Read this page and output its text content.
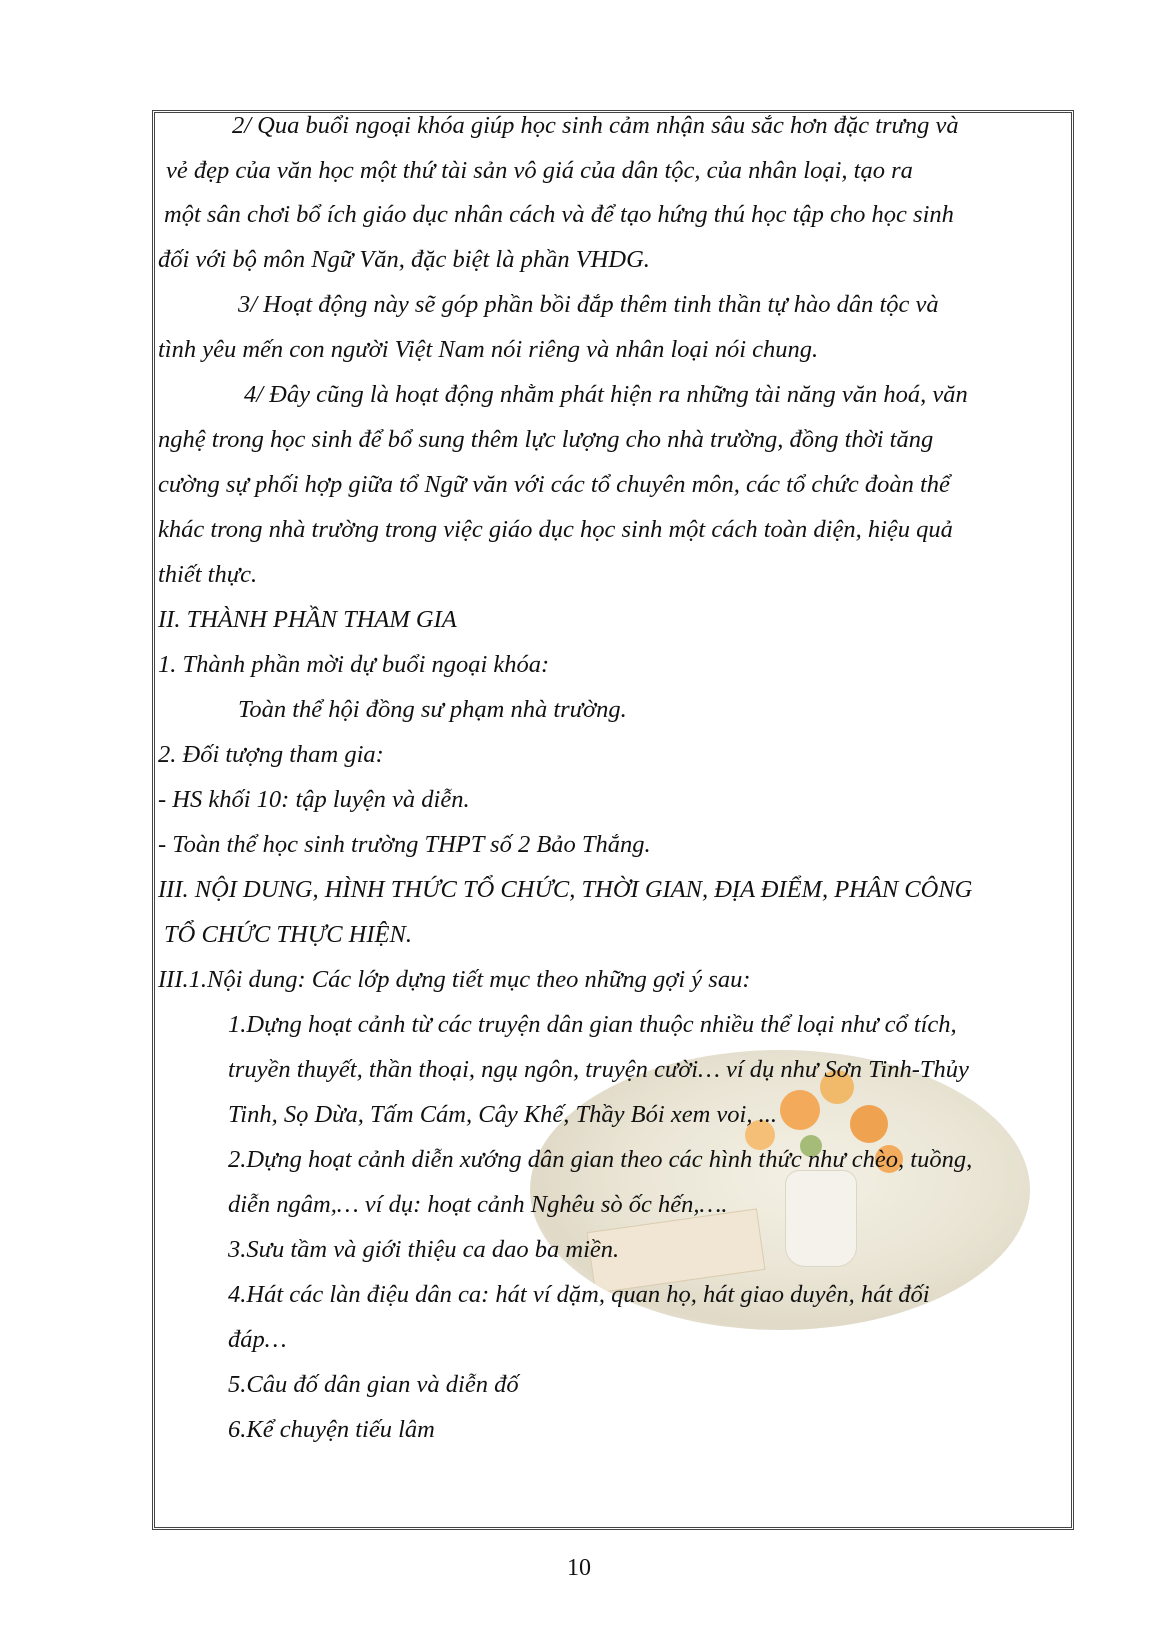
2/ Qua buổi ngoại khóa giúp học sinh cảm nhận sâu sắc hơn đặc trưng và
vẻ đẹp của văn học một thứ tài sản vô giá của dân tộc, của nhân loại, tạo ra
một sân chơi bổ ích giáo dục nhân cách và để tạo hứng thú học tập cho học sinh
đối với bộ môn Ngữ Văn, đặc biệt là phần VHDG.
3/ Hoạt động này sẽ góp phần bồi đắp thêm tinh thần tự hào dân tộc và
tình yêu mến con người Việt Nam nói riêng và nhân loại nói chung.
4/ Đây cũng là hoạt động nhằm phát hiện ra những tài năng văn hoá, văn
nghệ trong học sinh để bổ sung thêm lực lượng cho nhà trường, đồng thời tăng
cường sự phối hợp giữa tổ Ngữ văn với các tổ chuyên môn, các tổ chức đoàn thể
khác trong nhà trường trong việc giáo dục học sinh một cách toàn diện, hiệu quả
thiết thực.
II. THÀNH PHẦN THAM GIA
1. Thành phần mời dự buổi ngoại khóa:
Toàn thể hội đồng sư phạm nhà trường.
2. Đối tượng tham gia:
- HS khối 10: tập luyện và diễn.
- Toàn thể học sinh trường THPT số 2 Bảo Thắng.
III. NỘI DUNG, HÌNH THỨC TỔ CHỨC, THỜI GIAN, ĐỊA ĐIỂM, PHÂN CÔNG
TỔ CHỨC THỰC HIỆN.
III.1.Nội dung: Các lớp dựng tiết mục theo những gợi ý sau:
1.Dựng hoạt cảnh từ các truyện dân gian thuộc nhiều thể loại như cổ tích,
truyền thuyết, thần thoại, ngụ ngôn, truyện cười… ví dụ như Sơn Tinh-Thủy
Tinh, Sọ Dừa, Tấm Cám, Cây Khế, Thầy Bói xem voi, ...
2.Dựng hoạt cảnh diễn xướng dân gian theo các hình thức như chèo, tuồng,
diễn ngâm,… ví dụ: hoạt cảnh Nghêu sò ốc hến,….
3.Sưu tầm và giới thiệu ca dao ba miền.
4.Hát các làn điệu dân ca: hát ví dặm, quan họ, hát giao duyên, hát đối
đáp…
5.Câu đố dân gian và diễn đố
6.Kể chuyện tiếu lâm
10
